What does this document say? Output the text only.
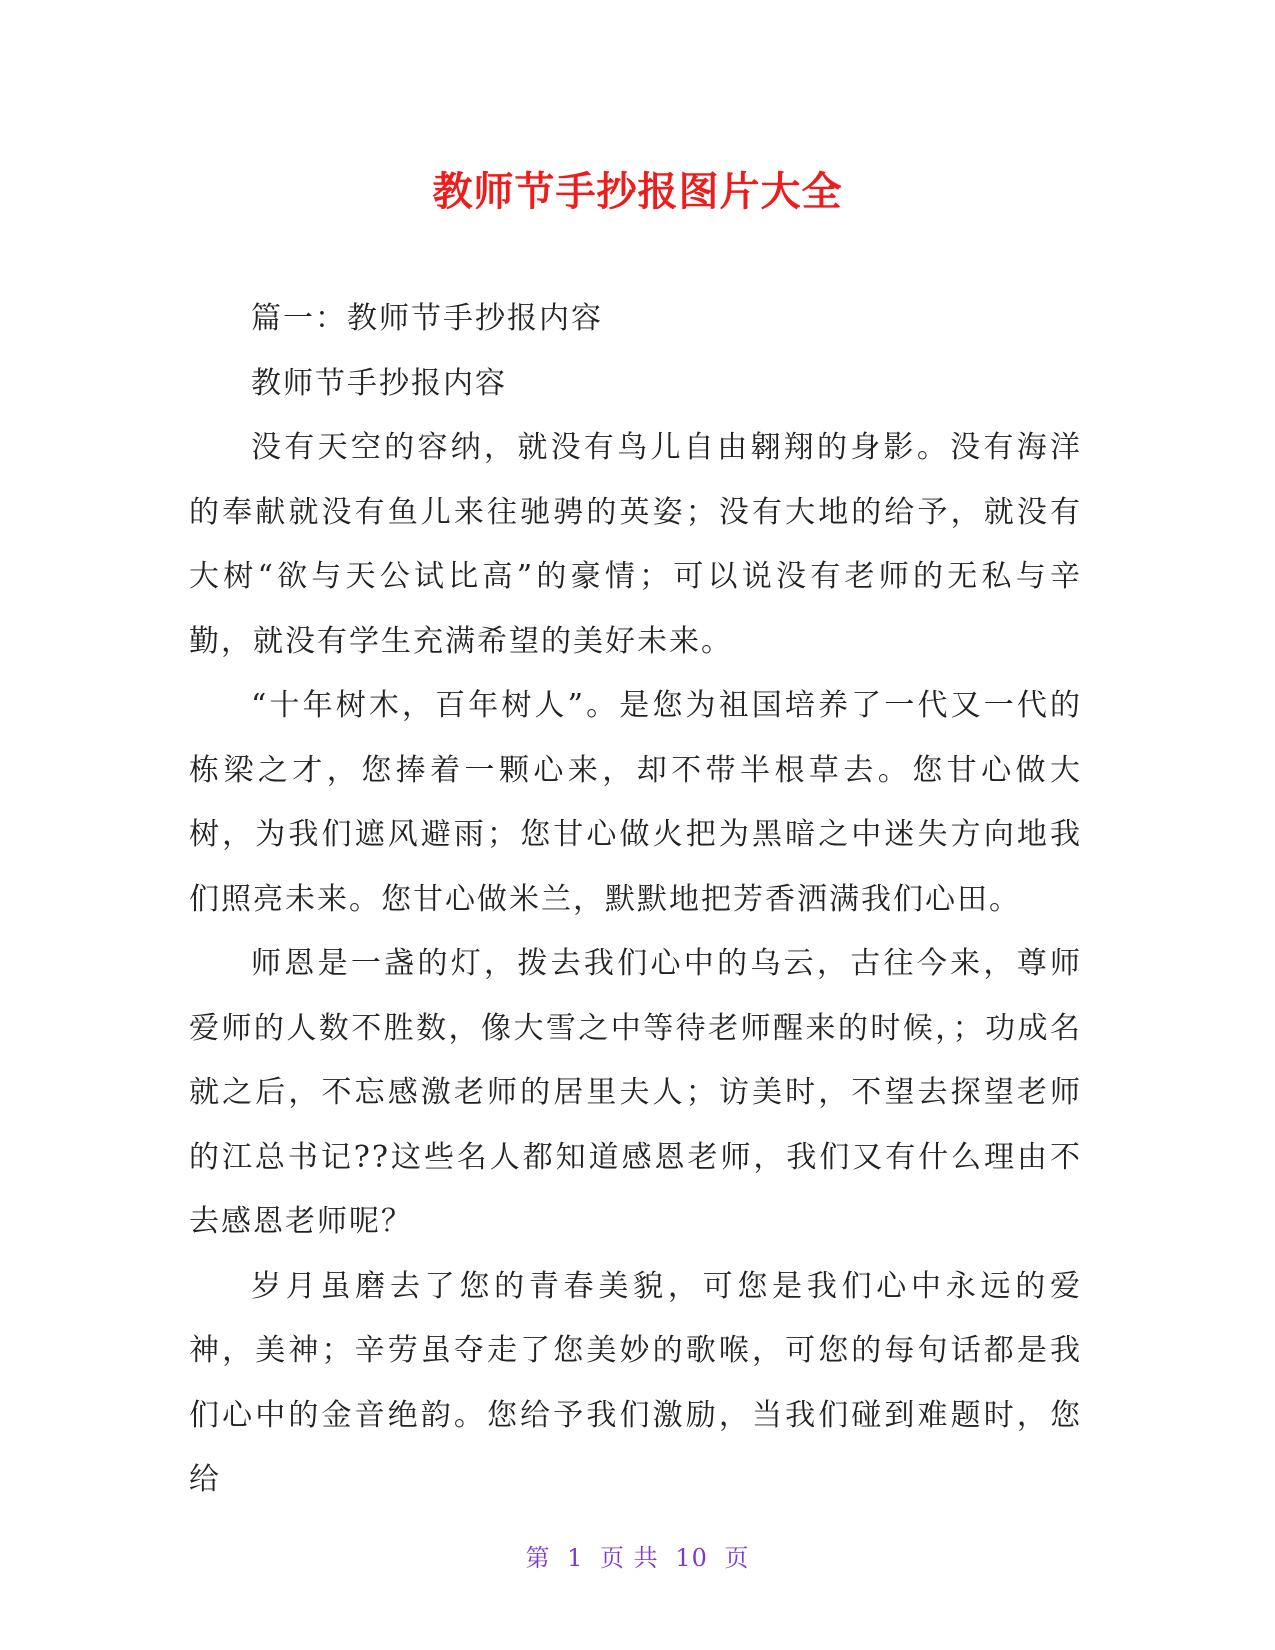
教师节手抄报图片大全

篇一：教师节手抄报内容

教师节手抄报内容

没有天空的容纳，就没有鸟儿自由翱翔的身影。没有海洋的奉献就没有鱼儿来往驰骋的英姿；没有大地的给予，就没有大树“欲与天公试比高”的豪情；可以说没有老师的无私与辛勤，就没有学生充满希望的美好未来。

“十年树木，百年树人”。是您为祖国培养了一代又一代的栋梁之才，您捧着一颗心来，却不带半根草去。您甘心做大树，为我们遮风避雨；您甘心做火把为黑暗之中迷失方向地我们照亮未来。您甘心做米兰，默默地把芳香洒满我们心田。

师恩是一盏的灯，拨去我们心中的乌云，古往今来，尊师爱师的人数不胜数，像大雪之中等待老师醒来的时候，；功成名就之后，不忘感激老师的居里夫人；访美时，不望去探望老师的江总书记??这些名人都知道感恩老师，我们又有什么理由不去感恩老师呢？

岁月虽磨去了您的青春美貌，可您是我们心中永远的爱神，美神；辛劳虽夺走了您美妙的歌喉，可您的每句话都是我们心中的金音绝韵。您给予我们激励，当我们碰到难题时，您给

第 1 页 共 10 页
